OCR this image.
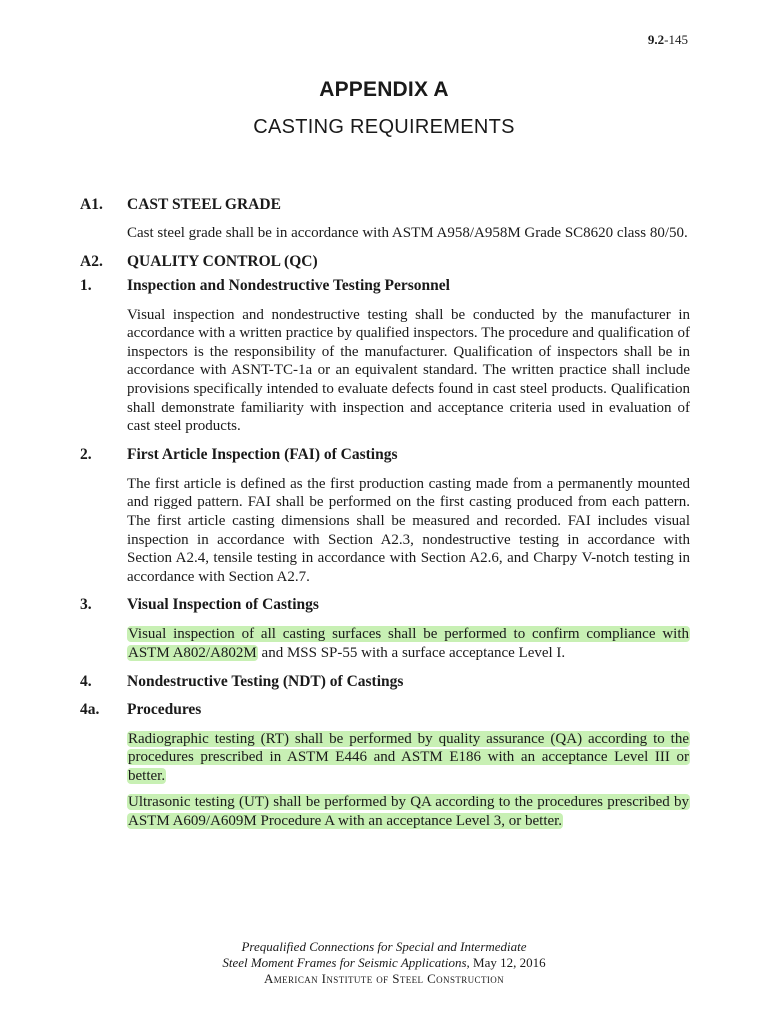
9.2-145
APPENDIX A
CASTING REQUIREMENTS
A1. CAST STEEL GRADE
Cast steel grade shall be in accordance with ASTM A958/A958M Grade SC8620 class 80/50.
A2. QUALITY CONTROL (QC)
1. Inspection and Nondestructive Testing Personnel
Visual inspection and nondestructive testing shall be conducted by the manufacturer in accordance with a written practice by qualified inspectors. The procedure and qualification of inspectors is the responsibility of the manufacturer. Qualification of inspectors shall be in accordance with ASNT-TC-1a or an equivalent standard. The written practice shall include provisions specifically intended to evaluate defects found in cast steel products. Qualification shall demonstrate familiarity with inspection and acceptance criteria used in evaluation of cast steel products.
2. First Article Inspection (FAI) of Castings
The first article is defined as the first production casting made from a permanently mounted and rigged pattern. FAI shall be performed on the first casting produced from each pattern. The first article casting dimensions shall be measured and recorded. FAI includes visual inspection in accordance with Section A2.3, nondestructive testing in accordance with Section A2.4, tensile testing in accordance with Section A2.6, and Charpy V-notch testing in accordance with Section A2.7.
3. Visual Inspection of Castings
Visual inspection of all casting surfaces shall be performed to confirm compliance with ASTM A802/A802M and MSS SP-55 with a surface acceptance Level I.
4. Nondestructive Testing (NDT) of Castings
4a. Procedures
Radiographic testing (RT) shall be performed by quality assurance (QA) according to the procedures prescribed in ASTM E446 and ASTM E186 with an acceptance Level III or better.
Ultrasonic testing (UT) shall be performed by QA according to the procedures prescribed by ASTM A609/A609M Procedure A with an acceptance Level 3, or better.
Prequalified Connections for Special and Intermediate
Steel Moment Frames for Seismic Applications, May 12, 2016
American Institute of Steel Construction
